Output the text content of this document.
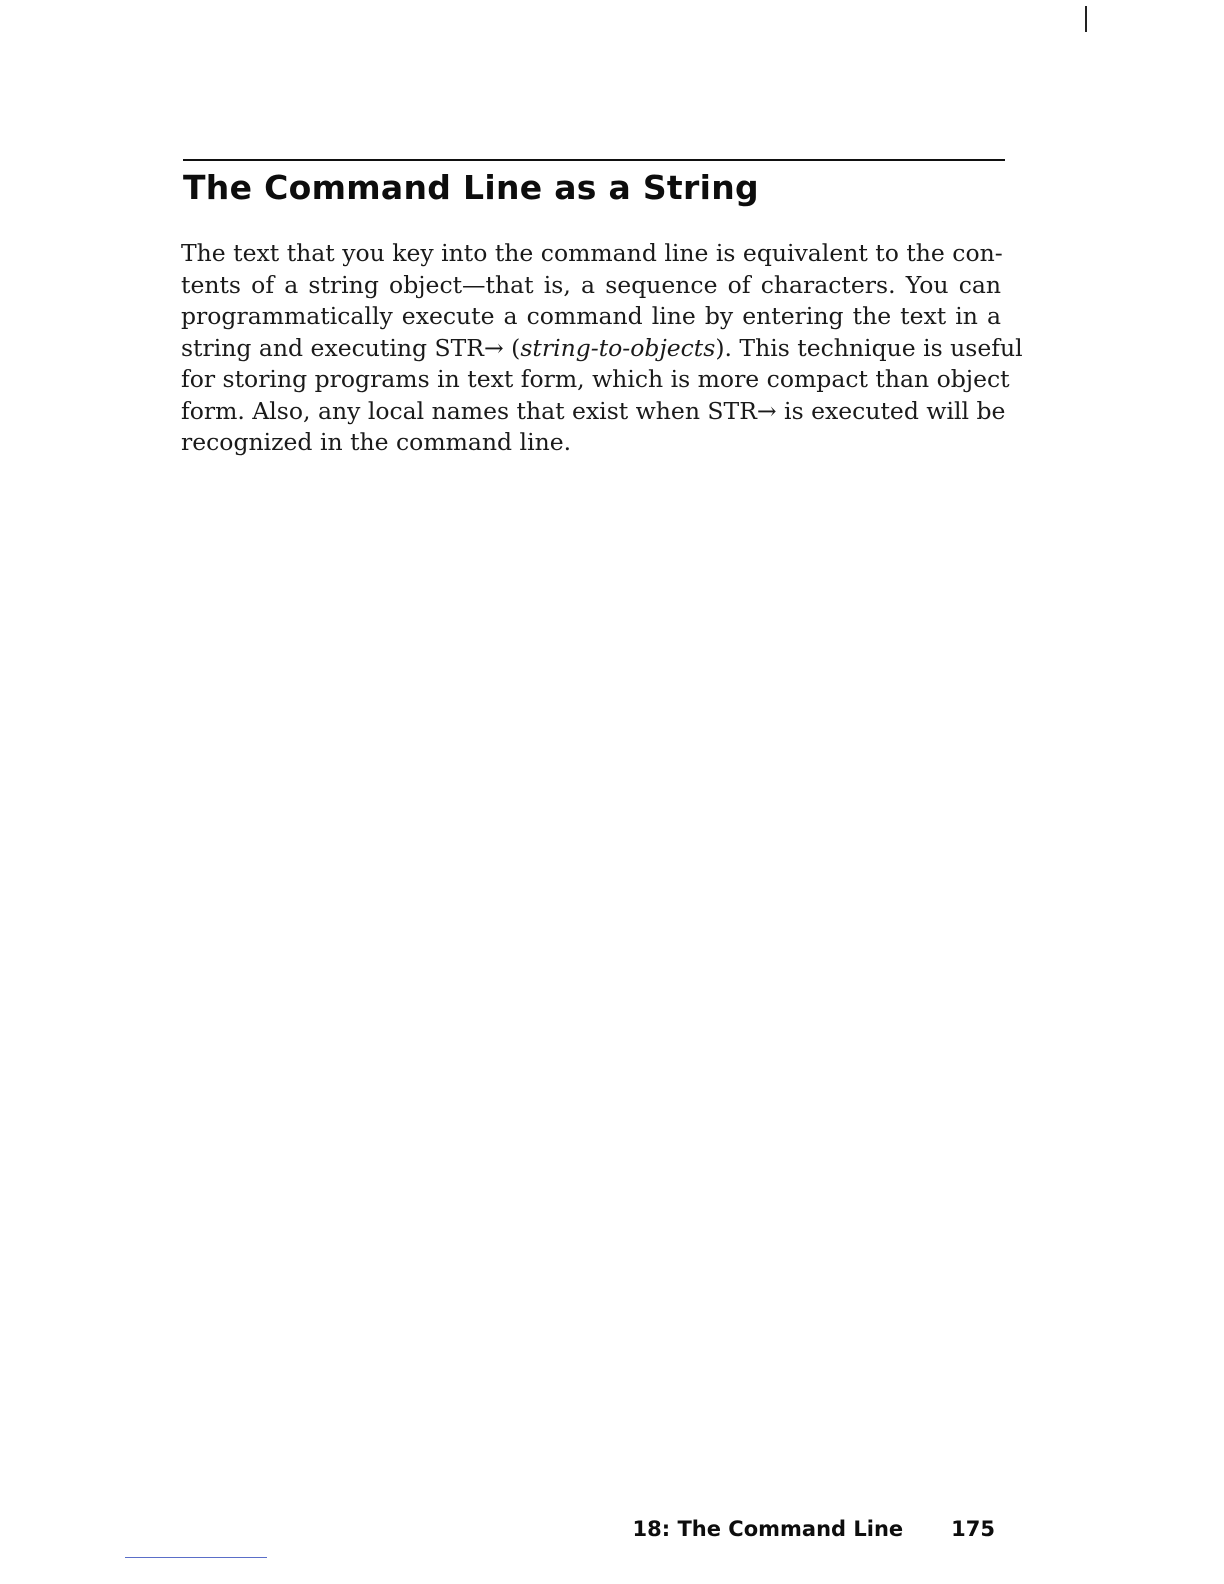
The Command Line as a String
The text that you key into the command line is equivalent to the con-
tents of a string object—that is, a sequence of characters. You can
programmatically execute a command line by entering the text in a
string and executing STR→ (string-to-objects). This technique is useful
for storing programs in text form, which is more compact than object
form. Also, any local names that exist when STR→ is executed will be
recognized in the command line.
18: The Command Line 175
